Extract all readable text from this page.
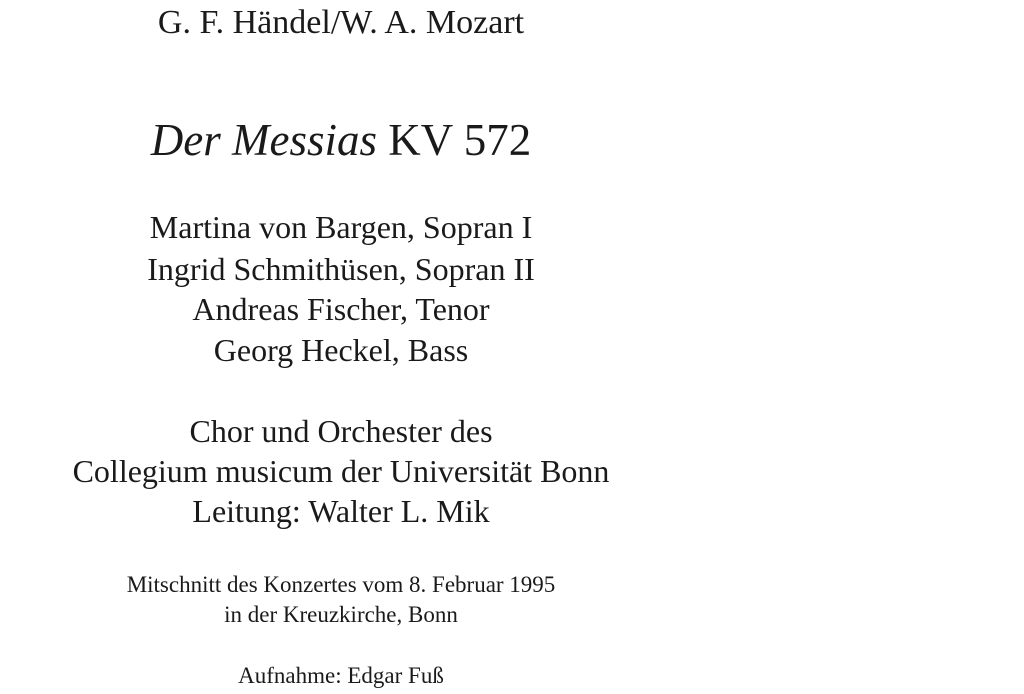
G. F. Händel/W. A. Mozart
Der Messias KV 572
Martina von Bargen, Sopran I
Ingrid Schmithüsen, Sopran II
Andreas Fischer, Tenor
Georg Heckel, Bass
Chor und Orchester des
Collegium musicum der Universität Bonn
Leitung: Walter L. Mik
Mitschnitt des Konzertes vom 8. Februar 1995
in der Kreuzkirche, Bonn
Aufnahme: Edgar Fuß
